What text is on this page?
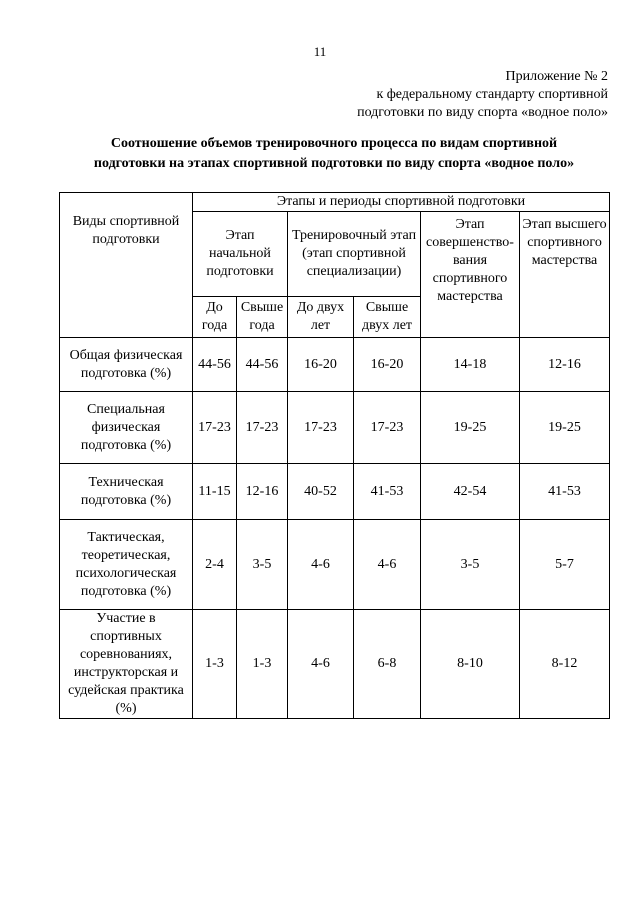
11
Приложение № 2
к федеральному стандарту спортивной
подготовки по виду спорта «водное поло»
Соотношение объемов тренировочного процесса по видам спортивной
подготовки на этапах спортивной подготовки по виду спорта «водное поло»
Виды спортивной подготовки	Этапы и периоды спортивной подготовки					
	Этап начальной подготовки		Тренировочный этап (этап спортивной специализации)		Этап совершенство-вания спортивного мастерства	Этап высшего спортивного мастерства
	До года	Свыше года	До двух лет	Свыше двух лет		
Общая физическая подготовка (%)	44-56	44-56	16-20	16-20	14-18	12-16
Специальная физическая подготовка (%)	17-23	17-23	17-23	17-23	19-25	19-25
Техническая подготовка (%)	11-15	12-16	40-52	41-53	42-54	41-53
Тактическая, теоретическая, психологическая подготовка (%)	2-4	3-5	4-6	4-6	3-5	5-7
Участие в спортивных соревнованиях, инструкторская и судейская практика (%)	1-3	1-3	4-6	6-8	8-10	8-12
